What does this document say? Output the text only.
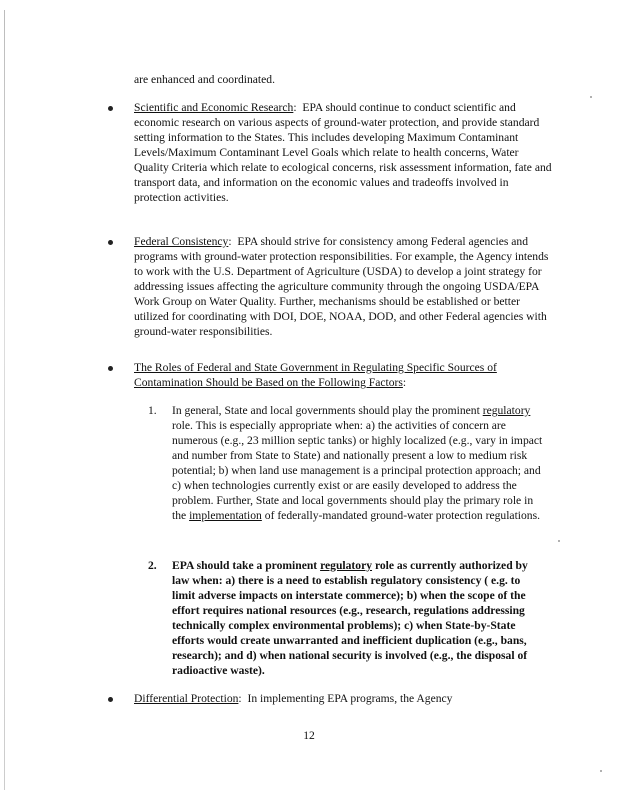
are enhanced and coordinated.

Scientific and Economic Research:  EPA should continue to conduct scientific and economic research on various aspects of ground-water protection, and provide standard setting information to the States. This includes developing Maximum Contaminant Levels/Maximum Contaminant Level Goals which relate to health concerns, Water Quality Criteria which relate to ecological concerns, risk assessment information, fate and transport data, and information on the economic values and tradeoffs involved in protection activities.

Federal Consistency:  EPA should strive for consistency among Federal agencies and programs with ground-water protection responsibilities. For example, the Agency intends to work with the U.S. Department of Agriculture (USDA) to develop a joint strategy for addressing issues affecting the agriculture community through the ongoing USDA/EPA Work Group on Water Quality. Further, mechanisms should be established or better utilized for coordinating with DOI, DOE, NOAA, DOD, and other Federal agencies with ground-water responsibilities.

The Roles of Federal and State Government in Regulating Specific Sources of Contamination Should be Based on the Following Factors:

1. In general, State and local governments should play the prominent regulatory role. This is especially appropriate when: a) the activities of concern are numerous (e.g., 23 million septic tanks) or highly localized (e.g., vary in impact and number from State to State) and nationally present a low to medium risk potential; b) when land use management is a principal protection approach; and c) when technologies currently exist or are easily developed to address the problem. Further, State and local governments should play the primary role in the implementation of federally-mandated ground-water protection regulations.

2. EPA should take a prominent regulatory role as currently authorized by law when: a) there is a need to establish regulatory consistency ( e.g. to limit adverse impacts on interstate commerce); b) when the scope of the effort requires national resources (e.g., research, regulations addressing technically complex environmental problems); c) when State-by-State efforts would create unwarranted and inefficient duplication (e.g., bans, research); and d) when national security is involved (e.g., the disposal of radioactive waste).

Differential Protection:  In implementing EPA programs, the Agency

12
